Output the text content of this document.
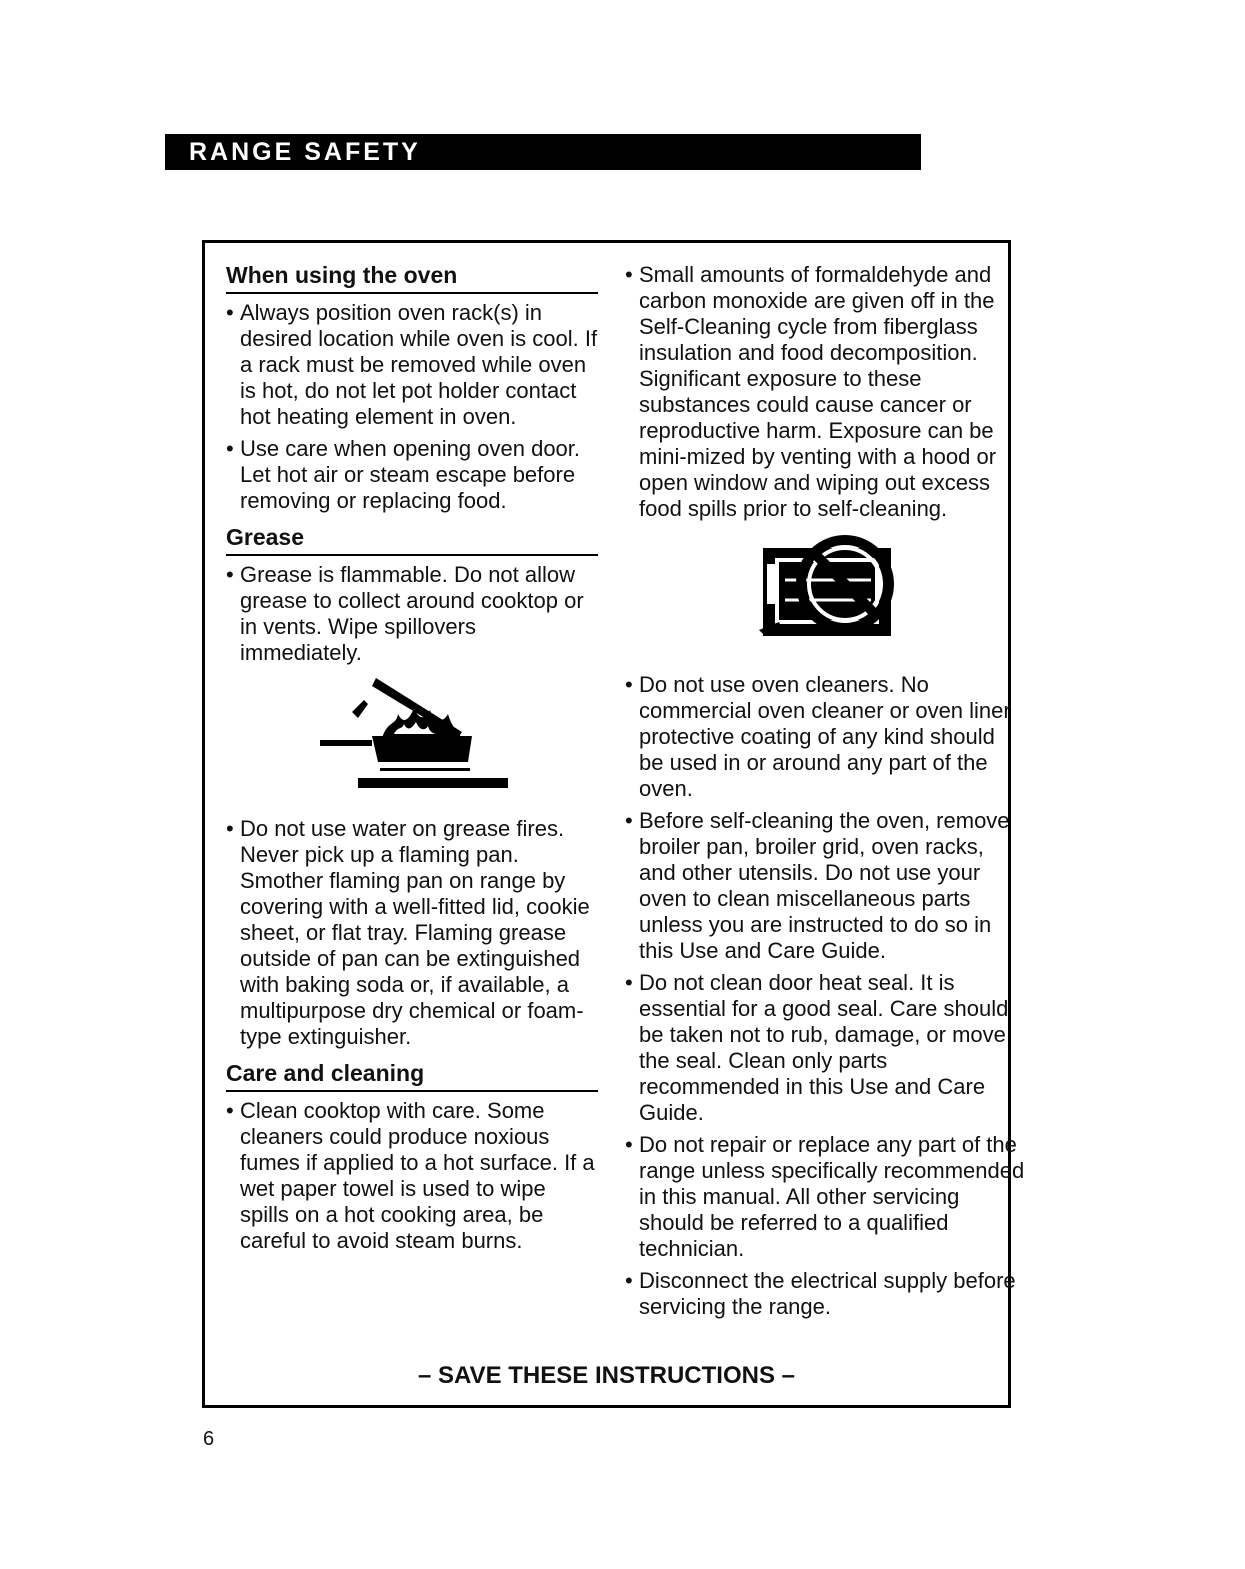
RANGE SAFETY
When using the oven

• Always position oven rack(s) in desired location while oven is cool. If a rack must be removed while oven is hot, do not let pot holder contact hot heating element in oven.

• Use care when opening oven door. Let hot air or steam escape before removing or replacing food.

Grease

• Grease is flammable. Do not allow grease to collect around cooktop or in vents. Wipe spillovers immediately.

• Do not use water on grease fires. Never pick up a flaming pan. Smother flaming pan on range by covering with a well-fitted lid, cookie sheet, or flat tray. Flaming grease outside of pan can be extinguished with baking soda or, if available, a multipurpose dry chemical or foam-type extinguisher.

Care and cleaning

• Clean cooktop with care. Some cleaners could produce noxious fumes if applied to a hot surface. If a wet paper towel is used to wipe spills on a hot cooking area, be careful to avoid steam burns.

• Small amounts of formaldehyde and carbon monoxide are given off in the Self-Cleaning cycle from fiberglass insulation and food decomposition. Significant exposure to these substances could cause cancer or reproductive harm. Exposure can be mini-mized by venting with a hood or open window and wiping out excess food spills prior to self-cleaning.

• Do not use oven cleaners. No commercial oven cleaner or oven liner protective coating of any kind should be used in or around any part of the oven.

• Before self-cleaning the oven, remove broiler pan, broiler grid, oven racks, and other utensils. Do not use your oven to clean miscellaneous parts unless you are instructed to do so in this Use and Care Guide.

• Do not clean door heat seal. It is essential for a good seal. Care should be taken not to rub, damage, or move the seal. Clean only parts recommended in this Use and Care Guide.

• Do not repair or replace any part of the range unless specifically recommended in this manual. All other servicing should be referred to a qualified technician.

• Disconnect the electrical supply before servicing the range.

– SAVE THESE INSTRUCTIONS –
6
